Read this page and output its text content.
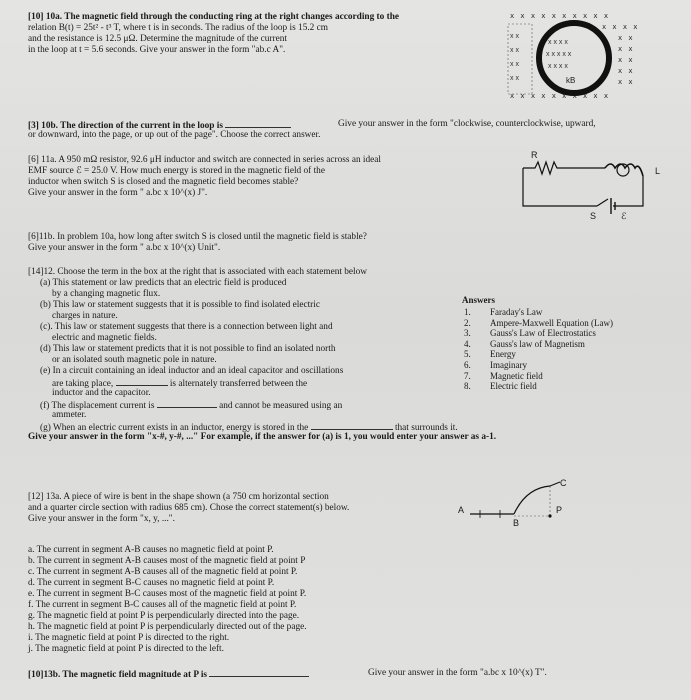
[10] 10a. The magnetic field through the conducting ring at the right changes according to the
relation B(t) = 25t² - t³ T, where t is in seconds. The radius of the loop is 15.2 cm
and the resistance is 12.5 μΩ. Determine the magnitude of the current
in the loop at t = 5.6 seconds. Give your answer in the form "ab.c A".
x x x x x x x x x x
x x x x
x x
x x
x x
x x
x x
x x x x x x x x x x
x x
x x
x x
x x
x x x x
x x x x x
x x x x
kB
[3] 10b. The direction of the current in the loop is	Give your answer in the form "clockwise, counterclockwise, upward,
or downward, into the page, or up out of the page". Choose the correct answer.
[6] 11a. A 950 mΩ resistor, 92.6 μH inductor and switch are connected in series across an ideal
EMF source ℰ = 25.0 V. How much energy is stored in the magnetic field of the
inductor when switch S is closed and the magnetic field becomes stable?
Give your answer in the form " a.bc x 10^(x) J".
R
L
S	ℰ
[6]11b. In problem 10a, how long after switch S is closed until the magnetic field is stable?
Give your answer in the form " a.bc x 10^(x) Unit".
[14]12. Choose the term in the box at the right that is associated with each statement below
(a) This statement or law predicts that an electric field is produced
by a changing magnetic flux.
(b) This law or statement suggests that it is possible to find isolated electric
charges in nature.
(c). This law or statement suggests that there is a connection between light and
electric and magnetic fields.
(d) This law or statement predicts that it is not possible to find an isolated north
or an isolated south magnetic pole in nature.
(e) In a circuit containing an ideal inductor and an ideal capacitor and oscillations
are taking place,	is alternately transferred between the
inductor and the capacitor.
(f) The displacement current is	and cannot be measured using an
ammeter.
(g) When an electric current exists in an inductor, energy is stored in the	that surrounds it.
Give your answer in the form "x-#, y-#, ..." For example, if the answer for (a) is 1, you would enter your answer as a-1.
Answers
1. Faraday's Law
2. Ampere-Maxwell Equation (Law)
3. Gauss's Law of Electrostatics
4. Gauss's law of Magnetism
5. Energy
6. Imaginary
7. Magnetic field
8. Electric field
[12] 13a. A piece of wire is bent in the shape shown (a 750 cm horizontal section
and a quarter circle section with radius 685 cm). Chose the correct statement(s) below.
Give your answer in the form "x, y, ...".
A
B
C
P
a. The current in segment A-B causes no magnetic field at point P.
b. The current in segment A-B causes most of the magnetic field at point P
c. The current in segment A-B causes all of the magnetic field at point P.
d. The current in segment B-C causes no magnetic field at point P.
e. The current in segment B-C causes most of the magnetic field at point P.
f. The current in segment B-C causes all of the magnetic field at point P.
g. The magnetic field at point P is perpendicularly directed into the page.
h. The magnetic field at point P is perpendicularly directed out of the page.
i. The magnetic field at point P is directed to the right.
j. The magnetic field at point P is directed to the left.
[10]13b. The magnetic field magnitude at P is	Give your answer in the form "a.bc x 10^(x) T".
